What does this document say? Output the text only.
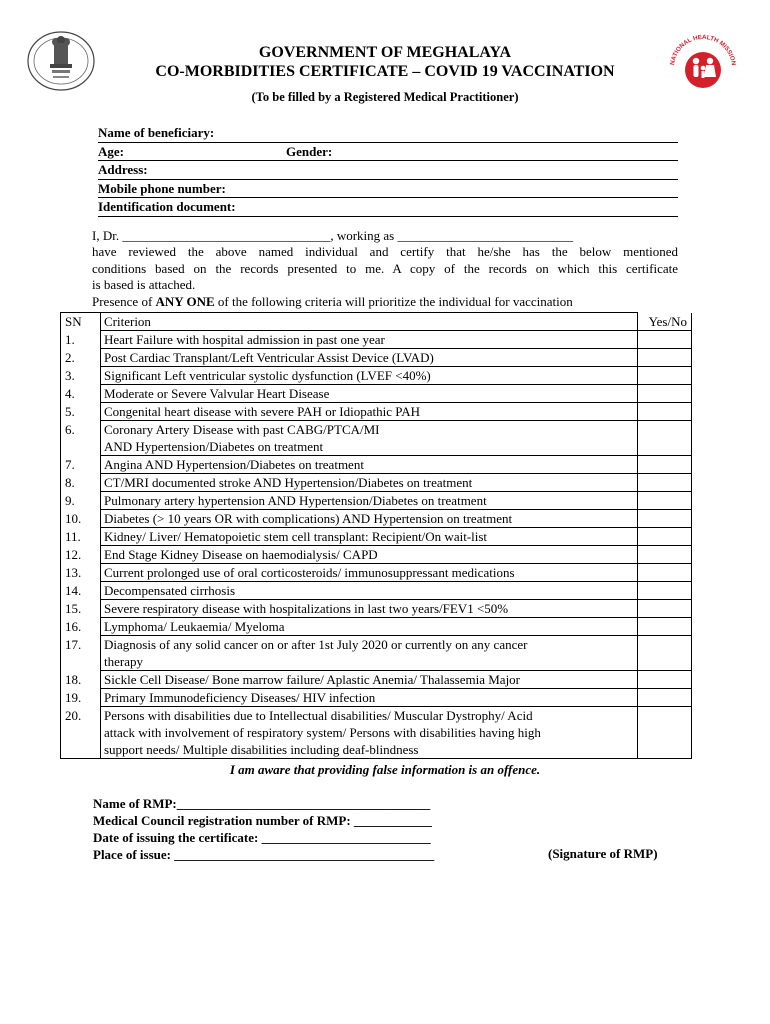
NATIONAL HEALTH MISSION
GOVERNMENT OF MEGHALAYA
CO-MORBIDITIES CERTIFICATE – COVID 19 VACCINATION
(To be filled by a Registered Medical Practitioner)
Name of beneficiary:
Age:	Gender:
Address:
Mobile phone number:
Identification document:
I, Dr. ________________________________, working as ___________________________
have reviewed the above named individual and certify that he/she has the below mentioned
conditions based on the records presented to me. A copy of the records on which this certificate
is based is attached.
Presence of ANY ONE of the following criteria will prioritize the individual for vaccination
SN	Criterion	Yes/No
1.	Heart Failure with hospital admission in past one year	

2.	Post Cardiac Transplant/Left Ventricular Assist Device (LVAD)	

3.	Significant Left ventricular systolic dysfunction (LVEF <40%)	

4.	Moderate or Severe Valvular Heart Disease	

5.	Congenital heart disease with severe PAH or Idiopathic PAH	

6.	Coronary Artery Disease with past CABG/PTCA/MI
AND Hypertension/Diabetes on treatment	

7.	Angina AND Hypertension/Diabetes on treatment	

8.	CT/MRI documented stroke AND Hypertension/Diabetes on treatment	

9.	Pulmonary artery hypertension AND Hypertension/Diabetes on treatment	

10.	Diabetes (> 10 years OR with complications) AND Hypertension on treatment	

11.	Kidney/ Liver/ Hematopoietic stem cell transplant: Recipient/On wait-list	

12.	End Stage Kidney Disease on haemodialysis/ CAPD	

13.	Current prolonged use of oral corticosteroids/ immunosuppressant medications	

14.	Decompensated cirrhosis	

15.	Severe respiratory disease with hospitalizations in last two years/FEV1 <50%	

16.	Lymphoma/ Leukaemia/ Myeloma	

17.	Diagnosis of any solid cancer on or after 1st July 2020 or currently on any cancer
therapy	

18.	Sickle Cell Disease/ Bone marrow failure/ Aplastic Anemia/ Thalassemia Major	

19.	Primary Immunodeficiency Diseases/ HIV infection	

20.	Persons with disabilities due to Intellectual disabilities/ Muscular Dystrophy/ Acid
attack with involvement of respiratory system/ Persons with disabilities having high
support needs/ Multiple disabilities including deaf-blindness	

I am aware that providing false information is an offence.
Name of RMP:_______________________________________
Medical Council registration number of RMP: ____________
Date of issuing the certificate: __________________________
Place of issue: ________________________________________	(Signature of RMP)
